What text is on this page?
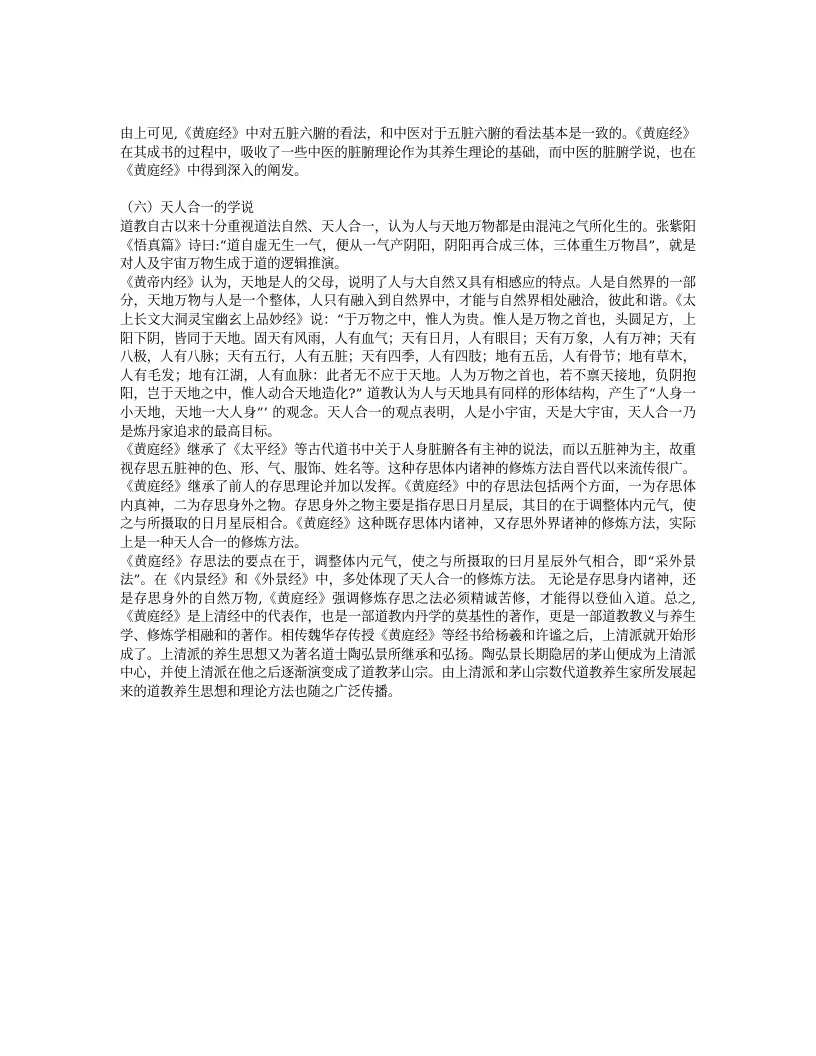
由上可见,《黄庭经》中对五脏六腑的看法，和中医对于五脏六腑的看法基本是一致的。《黄庭经》在其成书的过程中，吸收了一些中医的脏腑理论作为其养生理论的基础，而中医的脏腑学说，也在《黄庭经》中得到深入的阐发。

（六）天人合一的学说

道教自古以来十分重视道法自然、天人合一，认为人与天地万物都是由混沌之气所化生的。张紫阳《悟真篇》诗曰:“道自虚无生一气，便从一气产阴阳，阴阳再合成三体，三体重生万物昌”，就是对人及宇宙万物生成于道的逻辑推演。

《黄帝内经》认为，天地是人的父母，说明了人与大自然又具有相感应的特点。人是自然界的一部分，天地万物与人是一个整体，人只有融入到自然界中，才能与自然界相处融洽，彼此和谐。《太上长文大洞灵宝幽玄上品妙经》说：“于万物之中，惟人为贵。惟人是万物之首也，头圆足方，上阳下阴，皆同于天地。固天有风雨，人有血气；天有日月，人有眼目；天有万象，人有万神；天有八极，人有八脉；天有五行，人有五脏；天有四季，人有四肢；地有五岳，人有骨节；地有草木，人有毛发；地有江湖，人有血脉：此者无不应于天地。人为万物之首也，若不禀天接地，负阴抱阳，岂于天地之中，惟人动合天地造化?” 道教认为人与天地具有同样的形体结构，产生了“人身一小天地，天地一大人身”’ 的观念。天人合一的观点表明，人是小宇宙，天是大宇宙，天人合一乃是炼丹家追求的最高目标。

《黄庭经》继承了《太平经》等古代道书中关于人身脏腑各有主神的说法，而以五脏神为主，故重视存思五脏神的色、形、气、服饰、姓名等。这种存思体内诸神的修炼方法自晋代以来流传很广。《黄庭经》继承了前人的存思理论并加以发挥。《黄庭经》中的存思法包括两个方面，一为存思体内真神，二为存思身外之物。存思身外之物主要是指存思日月星辰，其目的在于调整体内元气，使之与所摄取的日月星辰相合。《黄庭经》这种既存思体内诸神，又存思外界诸神的修炼方法，实际上是一种天人合一的修炼方法。

《黄庭经》存思法的要点在于，调整体内元气，使之与所摄取的曰月星辰外气相合，即“采外景法”。在《内景经》和《外景经》中，多处体现了天人合一的修炼方法。 无论是存思身内诸神，还是存思身外的自然万物,《黄庭经》强调修炼存思之法必须精诚苦修，才能得以登仙入道。总之,《黄庭经》是上清经中的代表作，也是一部道教内丹学的莫基性的著作，更是一部道教教义与养生学、修炼学相融和的著作。相传魏华存传授《黄庭经》等经书给杨羲和许谧之后，上清派就开始形成了。上清派的养生思想又为著名道士陶弘景所继承和弘扬。陶弘景长期隐居的茅山便成为上清派中心，并使上清派在他之后逐渐演变成了道教茅山宗。由上清派和茅山宗数代道教养生家所发展起来的道教养生思想和理论方法也随之广泛传播。
